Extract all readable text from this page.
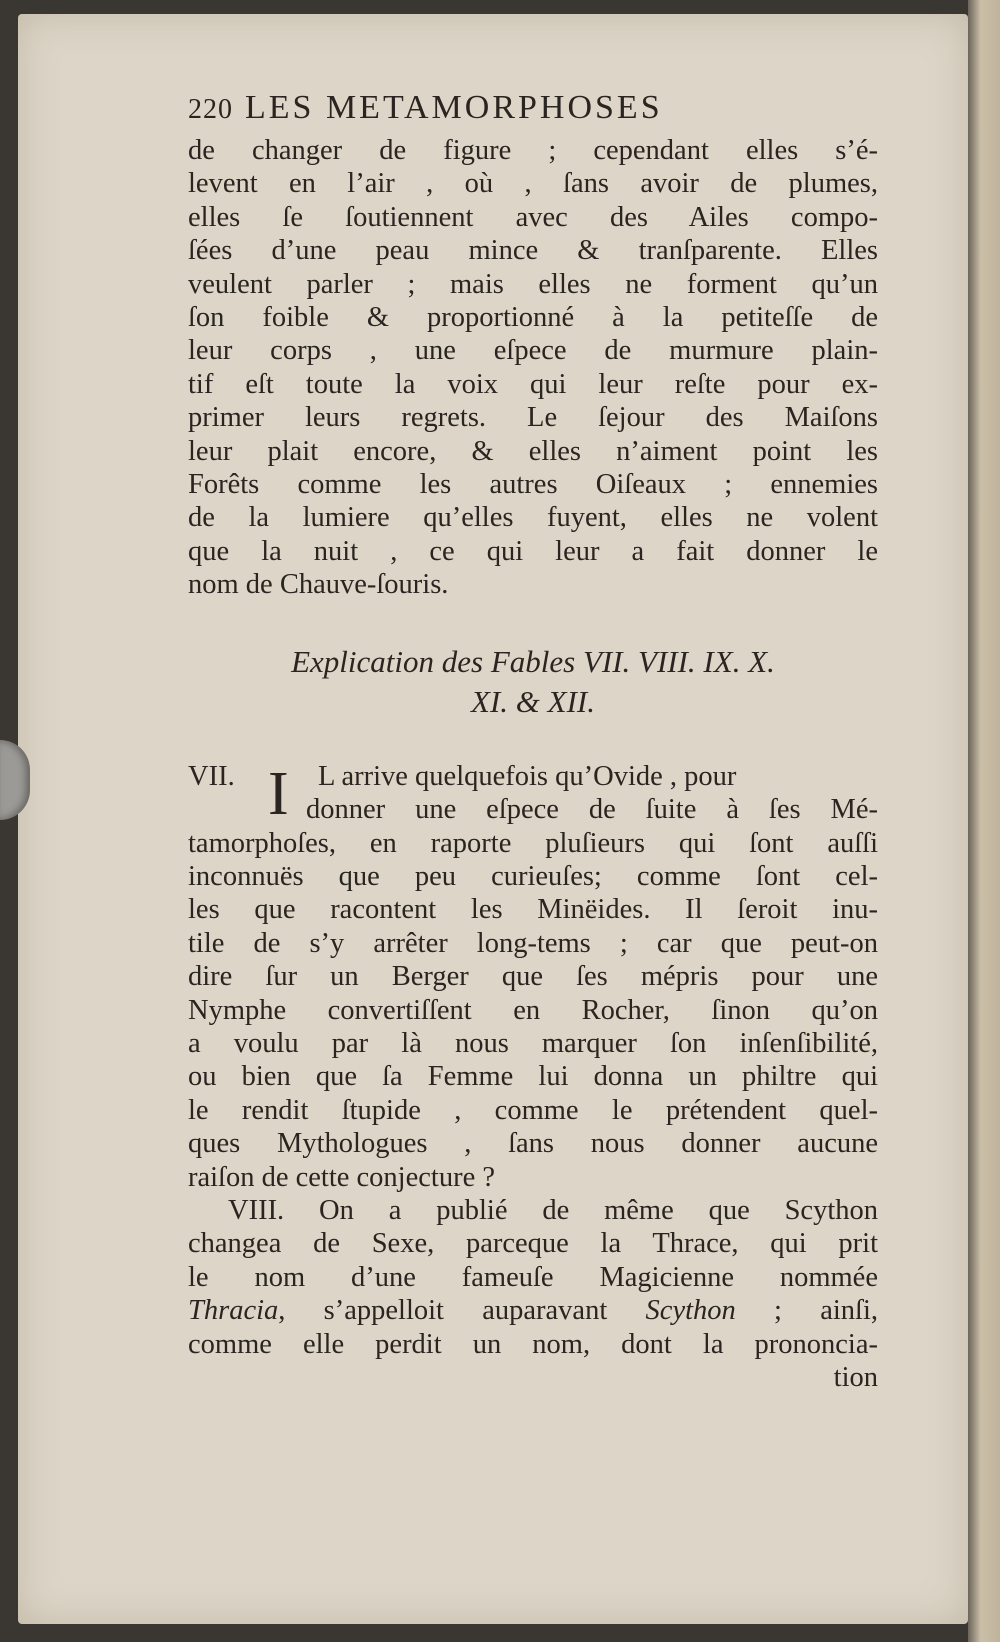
220 LES METAMORPHOSES
de changer de figure ; cependant elles s’é-
levent en l’air , où , ſans avoir de plumes,
elles ſe ſoutiennent avec des Ailes compo-
ſées d’une peau mince & tranſparente. Elles
veulent parler ; mais elles ne forment qu’un
ſon foible & proportionné à la petiteſſe de
leur corps , une eſpece de murmure plain-
tif eſt toute la voix qui leur reſte pour ex-
primer leurs regrets. Le ſejour des Maiſons
leur plait encore, & elles n’aiment point les
Forêts comme les autres Oiſeaux ; ennemies
de la lumiere qu’elles fuyent, elles ne volent
que la nuit , ce qui leur a fait donner le
nom de Chauve-ſouris.
Explication des Fables VII. VIII. IX. X.
XI. & XII.
I
VII.	L arrive quelquefois qu’Ovide , pour
donner une eſpece de ſuite à ſes Mé-
tamorphoſes, en raporte pluſieurs qui ſont auſſi
inconnuës que peu curieuſes; comme ſont cel-
les que racontent les Minëides. Il ſeroit inu-
tile de s’y arrêter long-tems ; car que peut-on
dire ſur un Berger que ſes mépris pour une
Nymphe convertiſſent en Rocher, ſinon qu’on
a voulu par là nous marquer ſon inſenſibilité,
ou bien que ſa Femme lui donna un philtre qui
le rendit ſtupide , comme le prétendent quel-
ques Mythologues , ſans nous donner aucune
raiſon de cette conjecture ?
VIII. On a publié de même que Scython
changea de Sexe, parceque la Thrace, qui prit
le nom d’une fameuſe Magicienne nommée
Thracia, s’appelloit auparavant Scython ; ainſi,
comme elle perdit un nom, dont la prononcia-
tion
